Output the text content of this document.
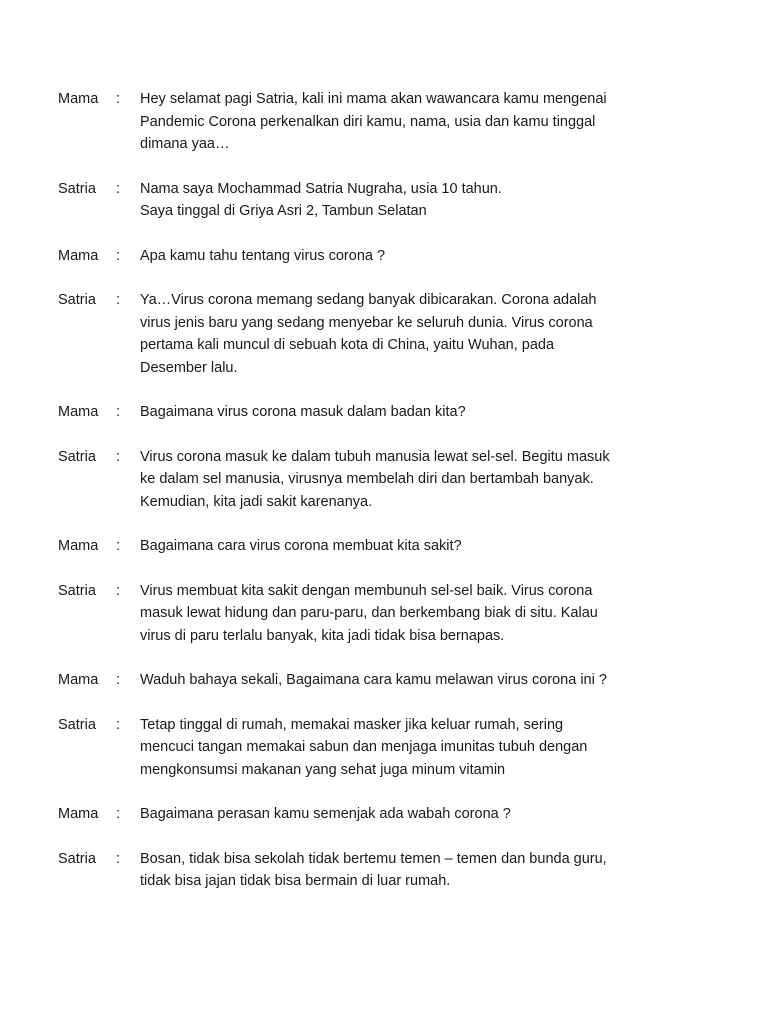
Mama	:	Hey selamat pagi Satria, kali ini mama akan wawancara kamu mengenai
Pandemic Corona perkenalkan diri kamu, nama, usia dan kamu tinggal
dimana yaa…
Satria	:	Nama saya Mochammad Satria Nugraha, usia 10 tahun.
Saya tinggal di Griya Asri 2, Tambun Selatan
Mama	:	Apa kamu tahu tentang virus corona ?
Satria	:	Ya…Virus corona memang sedang banyak dibicarakan. Corona adalah
virus jenis baru yang sedang menyebar ke seluruh dunia. Virus corona
pertama kali muncul di sebuah kota di China, yaitu Wuhan, pada
Desember lalu.
Mama	:	Bagaimana virus corona masuk dalam badan kita?
Satria	:	Virus corona masuk ke dalam tubuh manusia lewat sel-sel. Begitu masuk
ke dalam sel manusia, virusnya membelah diri dan bertambah banyak.
Kemudian, kita jadi sakit karenanya.
Mama	:	Bagaimana cara virus corona membuat kita sakit?
Satria	:	Virus membuat kita sakit dengan membunuh sel-sel baik. Virus corona
masuk lewat hidung dan paru-paru, dan berkembang biak di situ. Kalau
virus di paru terlalu banyak, kita jadi tidak bisa bernapas.
Mama	:	Waduh bahaya sekali, Bagaimana cara kamu melawan virus corona ini ?
Satria	:	Tetap tinggal di rumah, memakai masker jika keluar rumah, sering
mencuci tangan memakai sabun dan menjaga imunitas tubuh dengan
mengkonsumsi makanan yang sehat juga minum vitamin
Mama	:	Bagaimana perasan kamu semenjak ada wabah corona ?
Satria	:	Bosan, tidak bisa sekolah tidak bertemu temen – temen dan bunda guru,
tidak bisa jajan tidak bisa bermain di luar rumah.
